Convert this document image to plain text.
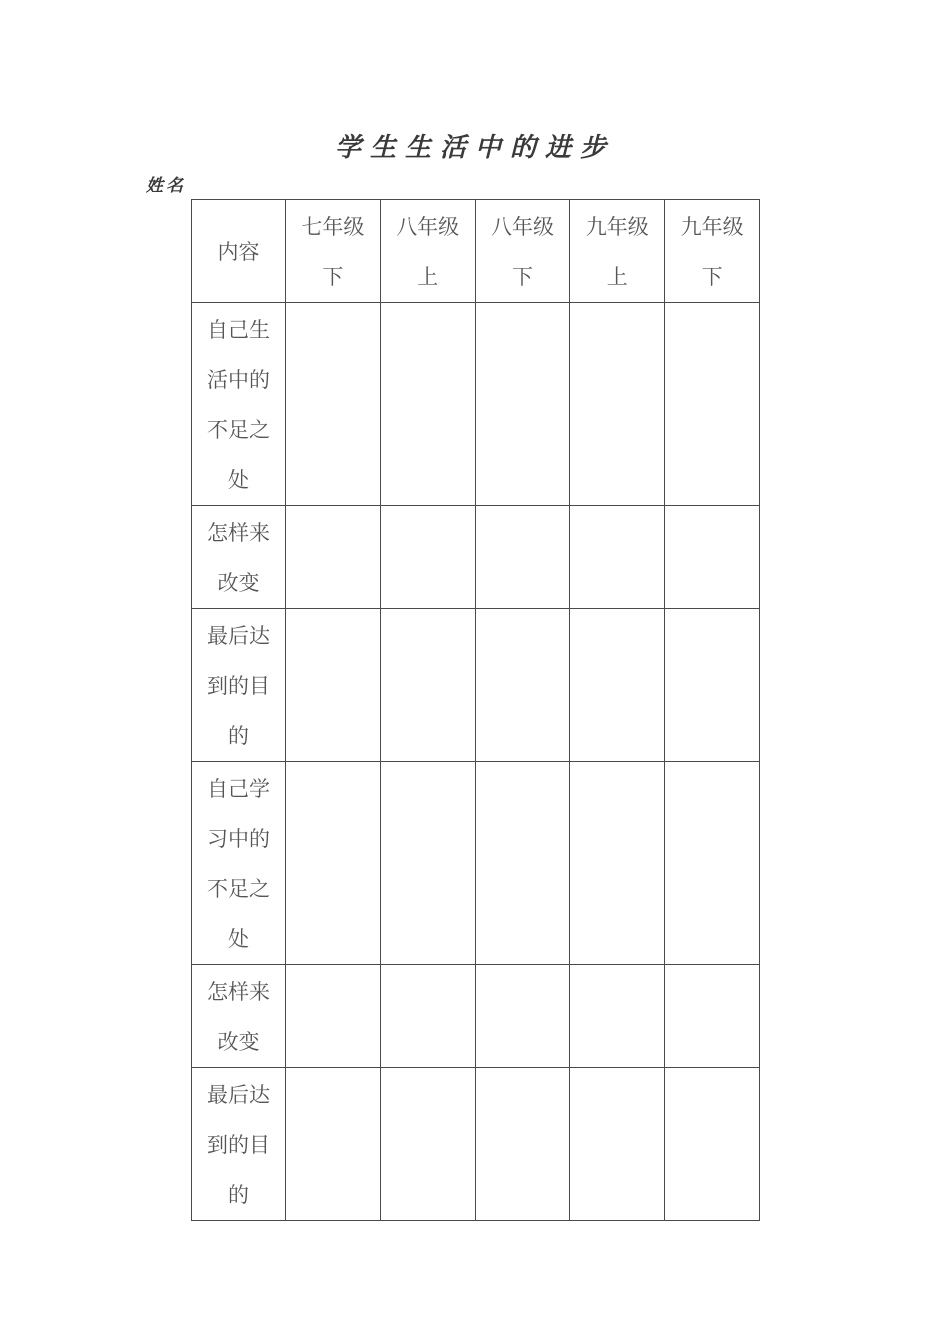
学生生活中的进步
姓名
内容	七年级下	八年级上	八年级下	九年级上	九年级下

自己生活中的不足之处					

怎样来改变					

最后达到的目的					

自己学习中的不足之处					

怎样来改变					

最后达到的目的					
